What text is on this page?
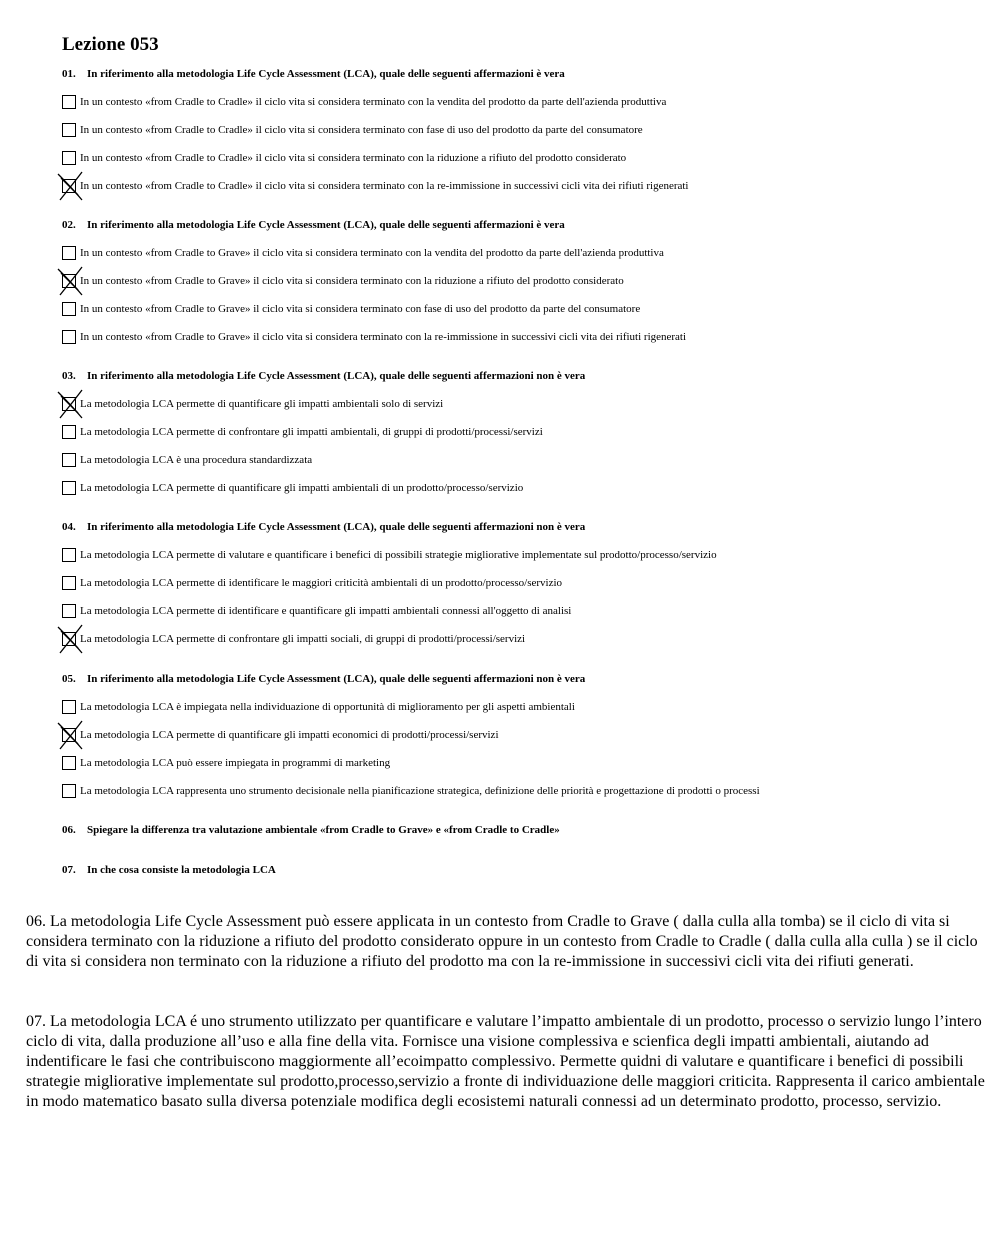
Lezione 053
01. In riferimento alla metodologia Life Cycle Assessment (LCA), quale delle seguenti affermazioni è vera
In un contesto «from Cradle to Cradle» il ciclo vita si considera terminato con la vendita del prodotto da parte dell'azienda produttiva
In un contesto «from Cradle to Cradle» il ciclo vita si considera terminato con fase di uso del prodotto da parte del consumatore
In un contesto «from Cradle to Cradle» il ciclo vita si considera terminato con la riduzione a rifiuto del prodotto considerato
In un contesto «from Cradle to Cradle» il ciclo vita si considera terminato con la re-immissione in successivi cicli vita dei rifiuti rigenerati
02. In riferimento alla metodologia Life Cycle Assessment (LCA), quale delle seguenti affermazioni è vera
In un contesto «from Cradle to Grave» il ciclo vita si considera terminato con la vendita del prodotto da parte dell'azienda produttiva
In un contesto «from Cradle to Grave» il ciclo vita si considera terminato con la riduzione a rifiuto del prodotto considerato
In un contesto «from Cradle to Grave» il ciclo vita si considera terminato con fase di uso del prodotto da parte del consumatore
In un contesto «from Cradle to Grave» il ciclo vita si considera terminato con la re-immissione in successivi cicli vita dei rifiuti rigenerati
03. In riferimento alla metodologia Life Cycle Assessment (LCA), quale delle seguenti affermazioni non è vera
La metodologia LCA permette di quantificare gli impatti ambientali solo di servizi
La metodologia LCA permette di confrontare gli impatti ambientali, di gruppi di prodotti/processi/servizi
La metodologia LCA è una procedura standardizzata
La metodologia LCA permette di quantificare gli impatti ambientali di un prodotto/processo/servizio
04. In riferimento alla metodologia Life Cycle Assessment (LCA), quale delle seguenti affermazioni non è vera
La metodologia LCA permette di valutare e quantificare i benefici di possibili strategie migliorative implementate sul prodotto/processo/servizio
La metodologia LCA permette di identificare le maggiori criticità ambientali di un prodotto/processo/servizio
La metodologia LCA permette di identificare e quantificare gli impatti ambientali connessi all'oggetto di analisi
La metodologia LCA permette di confrontare gli impatti sociali, di gruppi di prodotti/processi/servizi
05. In riferimento alla metodologia Life Cycle Assessment (LCA), quale delle seguenti affermazioni non è vera
La metodologia LCA è impiegata nella individuazione di opportunità di miglioramento per gli aspetti ambientali
La metodologia LCA permette di quantificare gli impatti economici di prodotti/processi/servizi
La metodologia LCA può essere impiegata in programmi di marketing
La metodologia LCA rappresenta uno strumento decisionale nella pianificazione strategica, definizione delle priorità e progettazione di prodotti o processi
06. Spiegare la differenza tra valutazione ambientale «from Cradle to Grave» e «from Cradle to Cradle»
07. In che cosa consiste la metodologia LCA

06. La metodologia Life Cycle Assessment può essere applicata in un contesto from Cradle to Grave ( dalla culla alla tomba) se il ciclo di vita si considera terminato con la riduzione a rifiuto del prodotto considerato oppure in un contesto from Cradle to Cradle ( dalla culla alla culla ) se il ciclo di vita si considera non terminato con la riduzione a rifiuto del prodotto ma con la re-immissione in successivi cicli vita dei rifiuti generati.

07. La metodologia LCA é uno strumento utilizzato per quantificare e valutare l’impatto ambientale di un prodotto, processo o servizio lungo l’intero ciclo di vita, dalla produzione all’uso e alla fine della vita. Fornisce una visione complessiva e scienfica degli impatti ambientali, aiutando ad indentificare le fasi che contribuiscono maggiormente all’ecoimpatto complessivo. Permette quidni di valutare e quantificare i benefici di possibili strategie migliorative implementate sul prodotto,processo,servizio a fronte di individuazione delle maggiori criticita. Rappresenta il carico ambientale in modo matematico basato sulla diversa potenziale modifica degli ecosistemi naturali connessi ad un determinato prodotto, processo, servizio.
